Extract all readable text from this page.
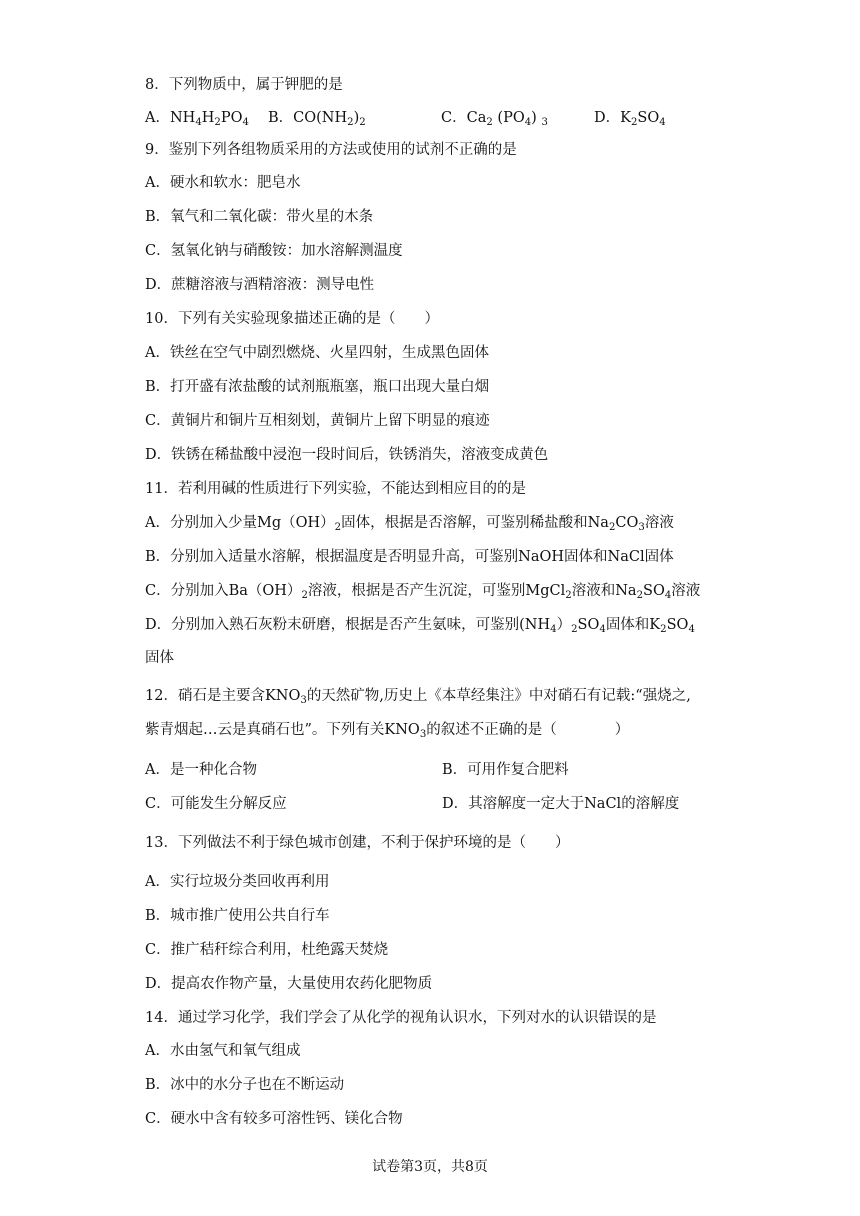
8．下列物质中，属于钾肥的是
A．$NH_4H_2PO_4$ B．$CO(NH_2)_2$	C．$Ca_2$ $(PO_4)$ $_3$	D．$K_2SO_4$
9．鉴别下列各组物质采用的方法或使用的试剂不正确的是
A．硬水和软水：肥皂水
B．氧气和二氧化碳：带火星的木条
C．氢氧化钠与硝酸铵：加水溶解测温度
D．蔗糖溶液与酒精溶液：测导电性
10．下列有关实验现象描述正确的是（　　）
A．铁丝在空气中剧烈燃烧、火星四射，生成黑色固体
B．打开盛有浓盐酸的试剂瓶瓶塞，瓶口出现大量白烟
C．黄铜片和铜片互相刻划，黄铜片上留下明显的痕迹
D．铁锈在稀盐酸中浸泡一段时间后，铁锈消失，溶液变成黄色
11．若利用碱的性质进行下列实验，不能达到相应目的的是
A．分别加入少量$Mg(OH)_2$固体，根据是否溶解，可鉴别稀盐酸和$Na_2CO_3$溶液
B．分别加入适量水溶解，根据温度是否明显升高，可鉴别NaOH固体和NaCl固体
C．分别加入$Ba(OH)_2$溶液，根据是否产生沉淀，可鉴别MgCl$_2$溶液和$Na_2SO_4$溶液
D．分别加入熟石灰粉末研磨，根据是否产生氨味，可鉴别$(NH_4)_2SO_4$固体和$K_2SO_4$
固体
12．硝石是主要含$KNO_3$的天然矿物,历史上《本草经集注》中对硝石有记载:“强烧之,
紫青烟起…云是真硝石也”。下列有关$KNO_3$的叙述不正确的是（　　　　）
A．是一种化合物	B．可用作复合肥料
C．可能发生分解反应	D．其溶解度一定大于NaCl的溶解度
13．下列做法不利于绿色城市创建，不利于保护环境的是（　　）
A．实行垃圾分类回收再利用
B．城市推广使用公共自行车
C．推广秸秆综合利用，杜绝露天焚烧
D．提高农作物产量，大量使用农药化肥物质
14．通过学习化学，我们学会了从化学的视角认识水，下列对水的认识错误的是
A．水由氢气和氧气组成
B．冰中的水分子也在不断运动
C．硬水中含有较多可溶性钙、镁化合物
试卷第3页，共8页
